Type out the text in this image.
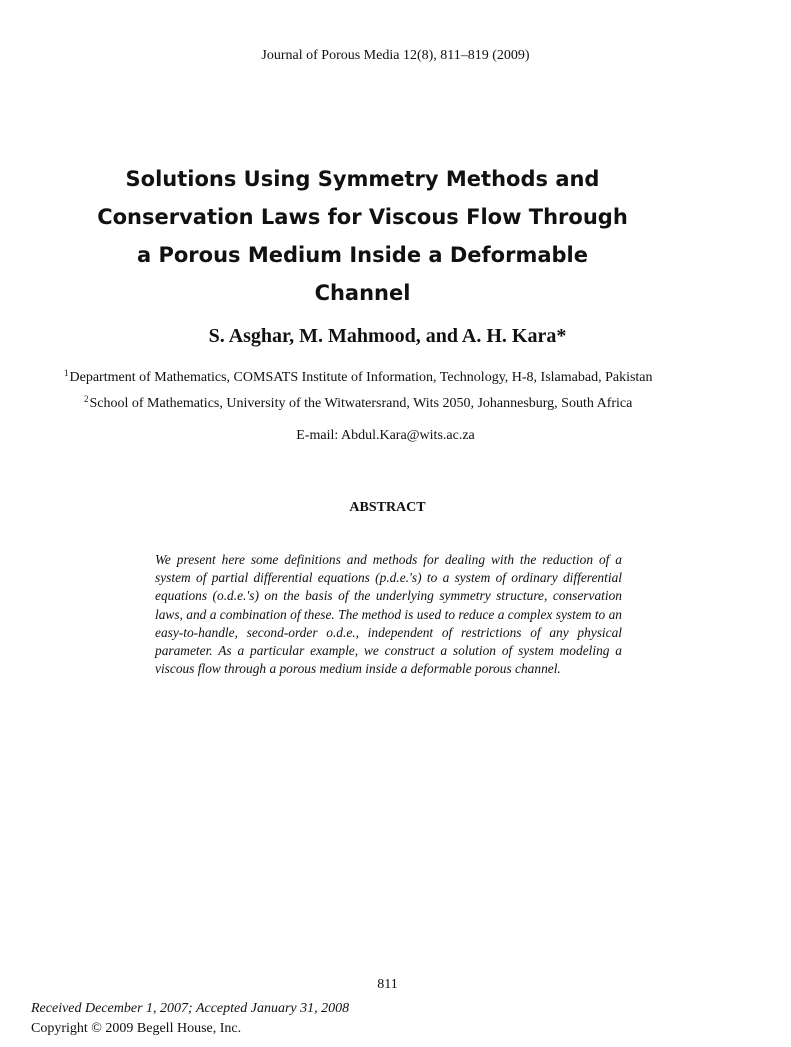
Journal of Porous Media 12(8), 811–819 (2009)
Solutions Using Symmetry Methods and
Conservation Laws for Viscous Flow Through
a Porous Medium Inside a Deformable
Channel
S. Asghar, M. Mahmood, and A. H. Kara*
$^1$Department of Mathematics, COMSATS Institute of Information, Technology, H-8, Islamabad, Pakistan
$^2$School of Mathematics, University of the Witwatersrand, Wits 2050, Johannesburg, South Africa
E-mail: Abdul.Kara@wits.ac.za
ABSTRACT

We present here some definitions and methods for dealing with the reduction of a system of partial differential equations (p.d.e.'s) to a system of ordinary differential equations (o.d.e.'s) on the basis of the underlying symmetry structure, conservation laws, and a combination of these. The method is used to reduce a complex system to an easy-to-handle, second-order o.d.e., independent of restrictions of any physical parameter. As a particular example, we construct a solution of system modeling a viscous flow through a porous medium inside a deformable porous channel.

811
Received December 1, 2007; Accepted January 31, 2008
Copyright © 2009 Begell House, Inc.
